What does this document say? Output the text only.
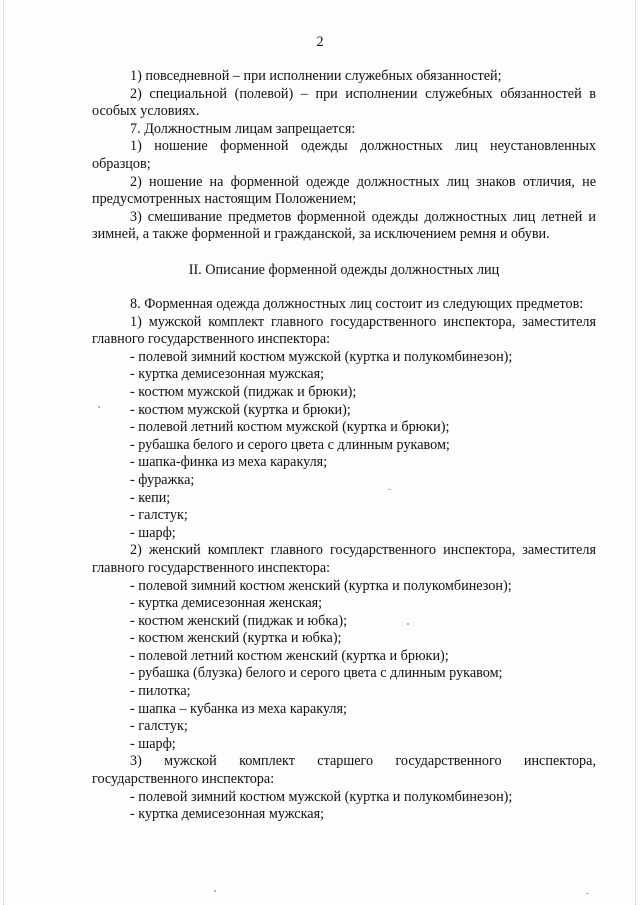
2

1) повседневной – при исполнении служебных обязанностей;

2) специальной (полевой) – при исполнении служебных обязанностей в особых условиях.

7. Должностным лицам запрещается:

1) ношение форменной одежды должностных лиц неустановленных образцов;

2) ношение на форменной одежде должностных лиц знаков отличия, не предусмотренных настоящим Положением;

3) смешивание предметов форменной одежды должностных лиц летней и зимней, а также форменной и гражданской, за исключением ремня и обуви.

II. Описание форменной одежды должностных лиц

8. Форменная одежда должностных лиц состоит из следующих предметов:

1) мужской комплект главного государственного инспектора, заместителя главного государственного инспектора:

- полевой зимний костюм мужской (куртка и полукомбинезон);
- куртка демисезонная мужская;
- костюм мужской (пиджак и брюки);
- костюм мужской (куртка и брюки);
- полевой летний костюм мужской (куртка и брюки);
- рубашка белого и серого цвета с длинным рукавом;
- шапка-финка из меха каракуля;
- фуражка;
- кепи;
- галстук;
- шарф;

2) женский комплект главного государственного инспектора, заместителя главного государственного инспектора:

- полевой зимний костюм женский (куртка и полукомбинезон);
- куртка демисезонная женская;
- костюм женский (пиджак и юбка);
- костюм женский (куртка и юбка);
- полевой летний костюм женский (куртка и брюки);
- рубашка (блузка) белого и серого цвета с длинным рукавом;
- пилотка;
- шапка – кубанка из меха каракуля;
- галстук;
- шарф;

3) мужской комплект старшего государственного инспектора, государственного инспектора:

- полевой зимний костюм мужской (куртка и полукомбинезон);
- куртка демисезонная мужская;
